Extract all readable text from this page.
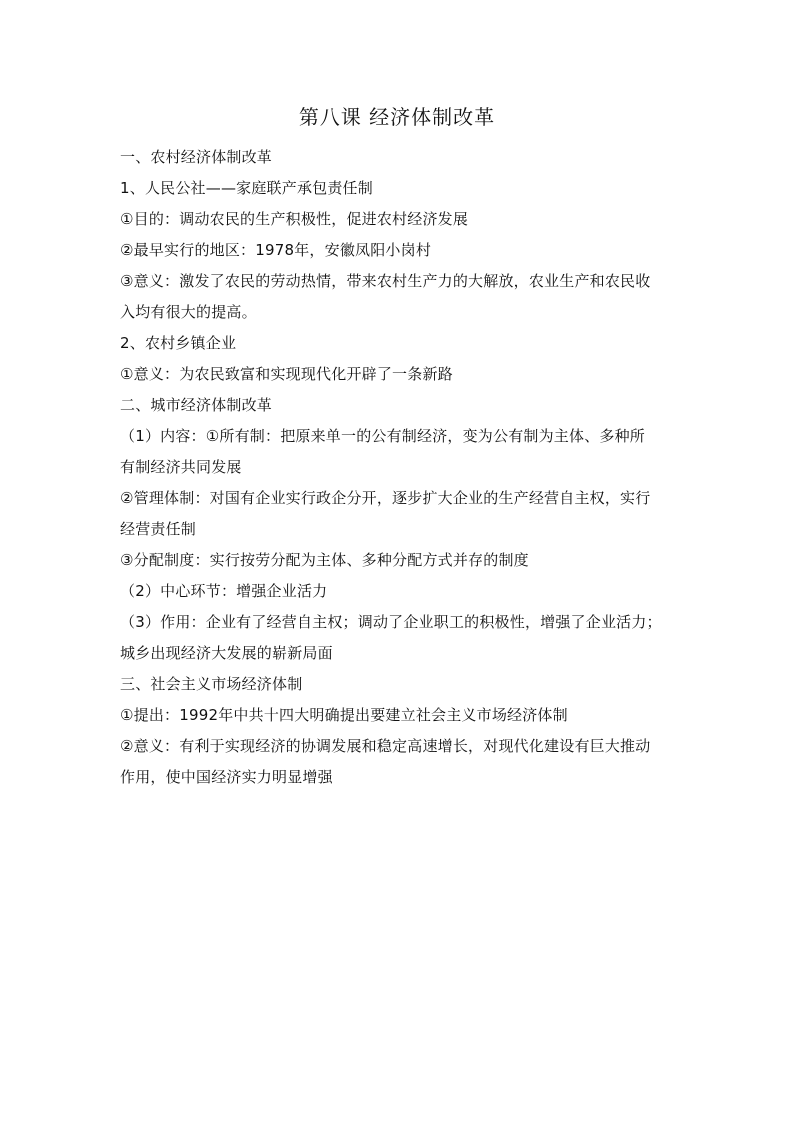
第八课 经济体制改革

一、农村经济体制改革

1、人民公社——家庭联产承包责任制

①目的：调动农民的生产积极性，促进农村经济发展

②最早实行的地区：1978年，安徽凤阳小岗村

③意义：激发了农民的劳动热情，带来农村生产力的大解放，农业生产和农民收

入均有很大的提高。

2、农村乡镇企业

①意义：为农民致富和实现现代化开辟了一条新路

二、城市经济体制改革

（1）内容：①所有制：把原来单一的公有制经济，变为公有制为主体、多种所

有制经济共同发展

②管理体制：对国有企业实行政企分开，逐步扩大企业的生产经营自主权，实行

经营责任制

③分配制度：实行按劳分配为主体、多种分配方式并存的制度

（2）中心环节：增强企业活力

（3）作用：企业有了经营自主权；调动了企业职工的积极性，增强了企业活力；

城乡出现经济大发展的崭新局面

三、社会主义市场经济体制

①提出：1992年中共十四大明确提出要建立社会主义市场经济体制

②意义：有利于实现经济的协调发展和稳定高速增长，对现代化建设有巨大推动

作用，使中国经济实力明显增强
